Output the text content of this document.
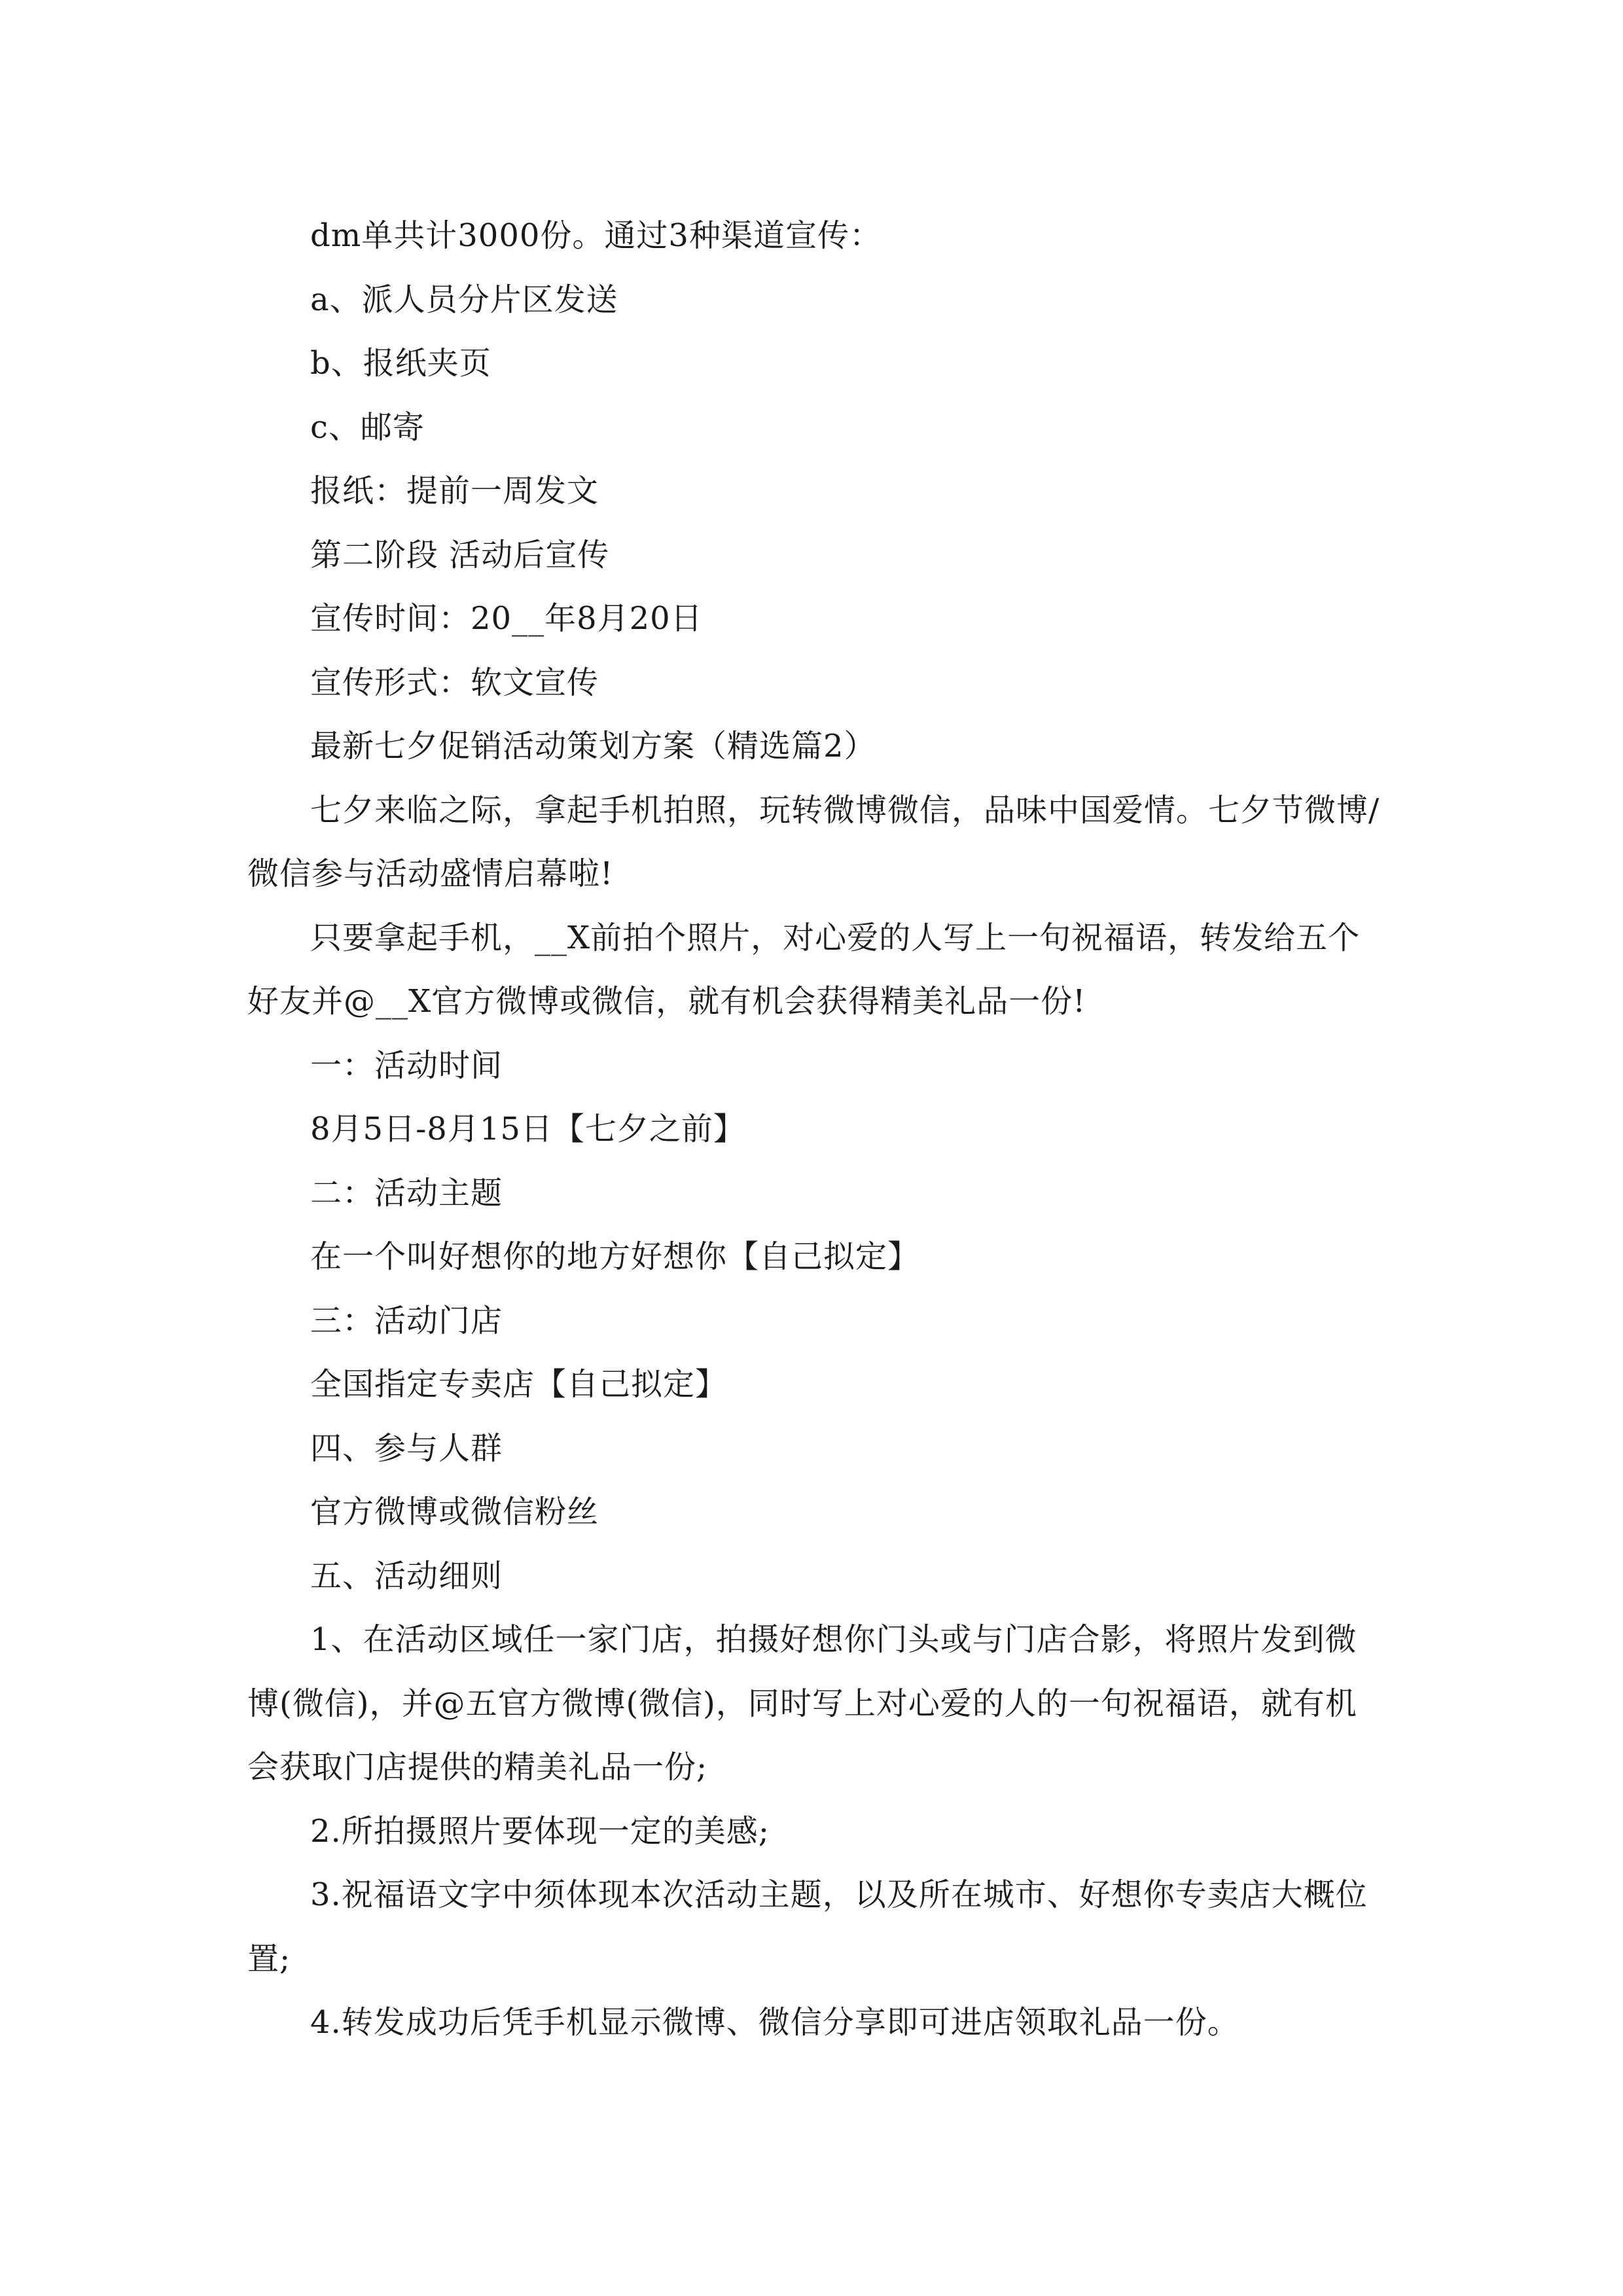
dm单共计3000份。通过3种渠道宣传：

a、派人员分片区发送

b、报纸夹页

c、邮寄

报纸：提前一周发文

第二阶段 活动后宣传

宣传时间：20__年8月20日

宣传形式：软文宣传

最新七夕促销活动策划方案（精选篇2）

七夕来临之际，拿起手机拍照，玩转微博微信，品味中国爱情。七夕节微博/微信参与活动盛情启幕啦!

只要拿起手机，__X前拍个照片，对心爱的人写上一句祝福语，转发给五个好友并@__X官方微博或微信，就有机会获得精美礼品一份!

一：活动时间

8月5日-8月15日【七夕之前】

二：活动主题

在一个叫好想你的地方好想你【自己拟定】

三：活动门店

全国指定专卖店【自己拟定】

四、参与人群

官方微博或微信粉丝

五、活动细则

1、在活动区域任一家门店，拍摄好想你门头或与门店合影，将照片发到微博(微信)，并@五官方微博(微信)，同时写上对心爱的人的一句祝福语，就有机会获取门店提供的精美礼品一份;

2.所拍摄照片要体现一定的美感;

3.祝福语文字中须体现本次活动主题，以及所在城市、好想你专卖店大概位置;

4.转发成功后凭手机显示微博、微信分享即可进店领取礼品一份。
